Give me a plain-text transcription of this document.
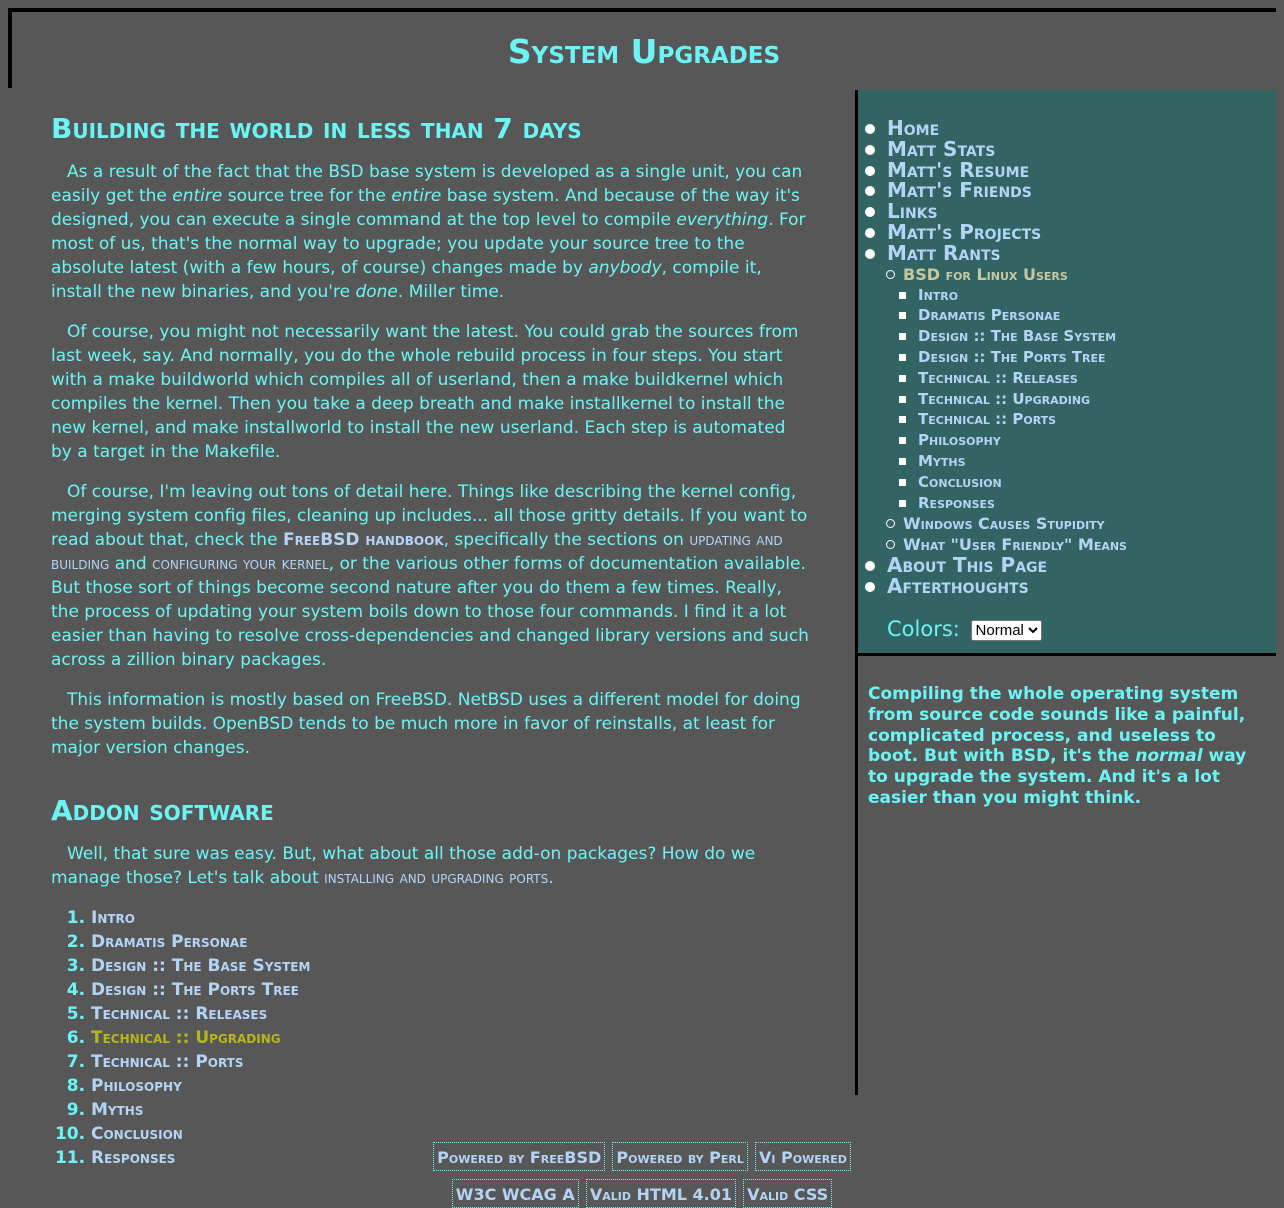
System Upgrades
Building the world in less than 7 days

As a result of the fact that the BSD base system is developed as a single unit, you can easily get the entire source tree for the entire base system. And because of the way it's designed, you can execute a single command at the top level to compile everything. For most of us, that's the normal way to upgrade; you update your source tree to the absolute latest (with a few hours, of course) changes made by anybody, compile it, install the new binaries, and you're done. Miller time.

Of course, you might not necessarily want the latest. You could grab the sources from last week, say. And normally, you do the whole rebuild process in four steps. You start with a make buildworld which compiles all of userland, then a make buildkernel which compiles the kernel. Then you take a deep breath and make installkernel to install the new kernel, and make installworld to install the new userland. Each step is automated by a target in the Makefile.

Of course, I'm leaving out tons of detail here. Things like describing the kernel config, merging system config files, cleaning up includes... all those gritty details. If you want to read about that, check the FreeBSD handbook, specifically the sections on updating and building and configuring your kernel, or the various other forms of documentation available. But those sort of things become second nature after you do them a few times. Really, the process of updating your system boils down to those four commands. I find it a lot easier than having to resolve cross-dependencies and changed library versions and such across a zillion binary packages.

This information is mostly based on FreeBSD. NetBSD uses a different model for doing the system builds. OpenBSD tends to be much more in favor of reinstalls, at least for major version changes.

Addon software

Well, that sure was easy. But, what about all those add-on packages? How do we manage those? Let's talk about installing and upgrading ports.

1. Intro
2. Dramatis Personae
3. Design :: The Base System
4. Design :: The Ports Tree
5. Technical :: Releases
6. Technical :: Upgrading
7. Technical :: Ports
8. Philosophy
9. Myths
10. Conclusion
11. Responses
Home
Matt Stats
Matt's Resume
Matt's Friends
Links
Matt's Projects
Matt Rants
BSD for Linux Users
Intro
Dramatis Personae
Design :: The Base System
Design :: The Ports Tree
Technical :: Releases
Technical :: Upgrading
Technical :: Ports
Philosophy
Myths
Conclusion
Responses
Windows Causes Stupidity
What "User Friendly" Means
About This Page
Afterthoughts
Colors:
Normal
Compiling the whole operating system from source code sounds like a painful, complicated process, and useless to boot. But with BSD, it's the normal way to upgrade the system. And it's a lot easier than you might think.
Powered by FreeBSD Powered by Perl Vi Powered
W3C WCAG A Valid HTML 4.01 Valid CSS
